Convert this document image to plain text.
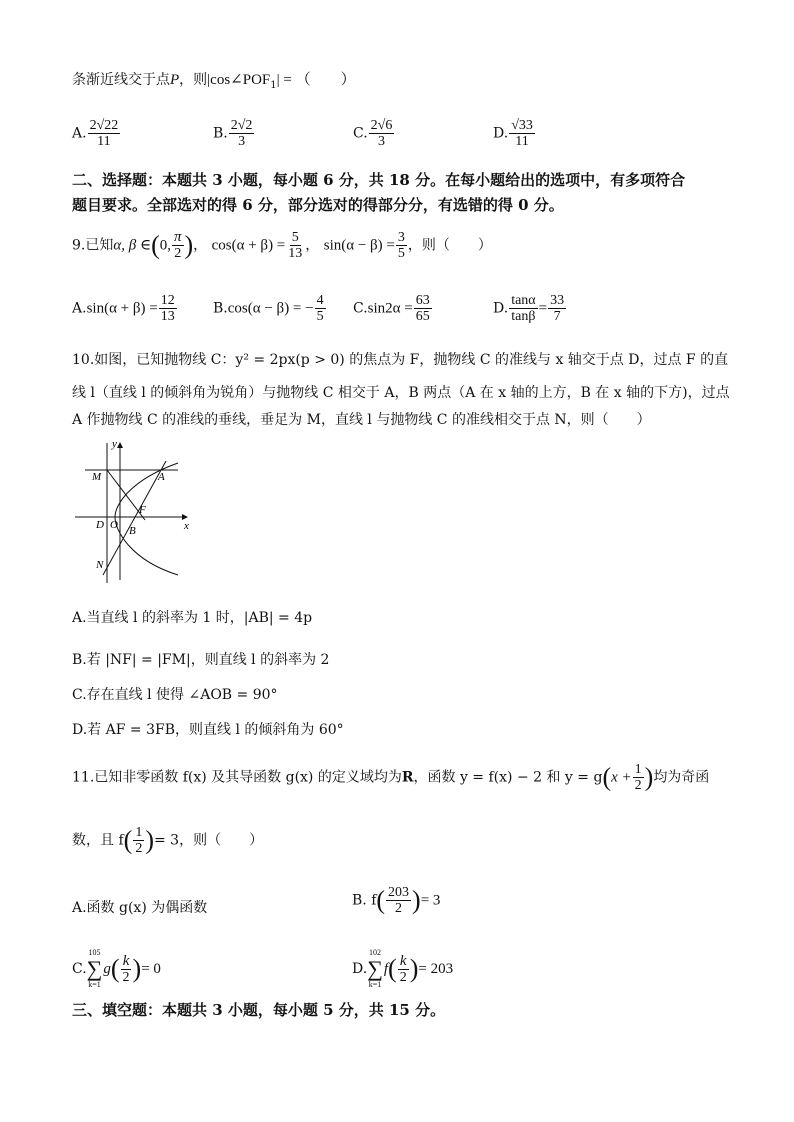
条渐近线交于点P，则$|\cos\angle POF_1|$ = （　　）
A. $\frac{2√22}{11}$	B. $\frac{2√2}{3}$	C. $\frac{2√6}{3}$	D. $\frac{√33}{11}$
二、选择题：本题共 3 小题，每小题 6 分，共 18 分。在每小题给出的选项中，有多项符合
题目要求。全部选对的得 6 分，部分选对的得部分分，有选错的得 0 分。
9.已知α, β ∈(0, $\frac{\pi}{2}$ )， $\cos(\alpha + \beta) = \frac{5}{13}$ ， $\sin(\alpha - \beta) = \frac{3}{5}$ ，则（　　）
$A.\sin(\alpha + \beta) = \frac{12}{13}$	B.cos(α − β) = − $\frac{4}{5} C.\sin 2\alpha = \frac{63}{65}$	D. $\frac{\tan\alpha}{\tan\beta} = \frac{33}{7}$
10.如图，已知抛物线 C：y² = 2px(p > 0) 的焦点为 F，抛物线 C 的准线与 x 轴交于点 D，过点 F 的直
线 l（直线 l 的倾斜角为锐角）与抛物线 C 相交于 A，B 两点（A 在 x 轴的上方，B 在 x 轴的下方)，过点
A 作抛物线 C 的准线的垂线，垂足为 M，直线 l 与抛物线 C 的准线相交于点 N，则（　　）
y
x
M	A
F
D O B
N
A.当直线 l 的斜率为 1 时，|AB| = 4p
B.若 |NF| = |FM|，则直线 l 的斜率为 2
C.存在直线 l 使得 ∠AOB = 90°
D.若 AF = 3FB，则直线 l 的倾斜角为 60°
11.已知非零函数 f(x) 及其导函数 g(x) 的定义域均为R，函数 y = f(x) − 2 和 $y = g(x + \frac{1}{2}$ )均为奇函
数，且 $f( \frac{1}{2}$ )= 3，则（　　）
A.函数 g(x) 为偶函数	B. $f( \frac{203}{2}$ )= 3
C.
105
∑
k=1
$g( \frac{k}{2}$ )= 0	D.
102
∑
k=1
$f( \frac{k}{2}$ )= 203
三、填空题：本题共 3 小题，每小题 5 分，共 15 分。
